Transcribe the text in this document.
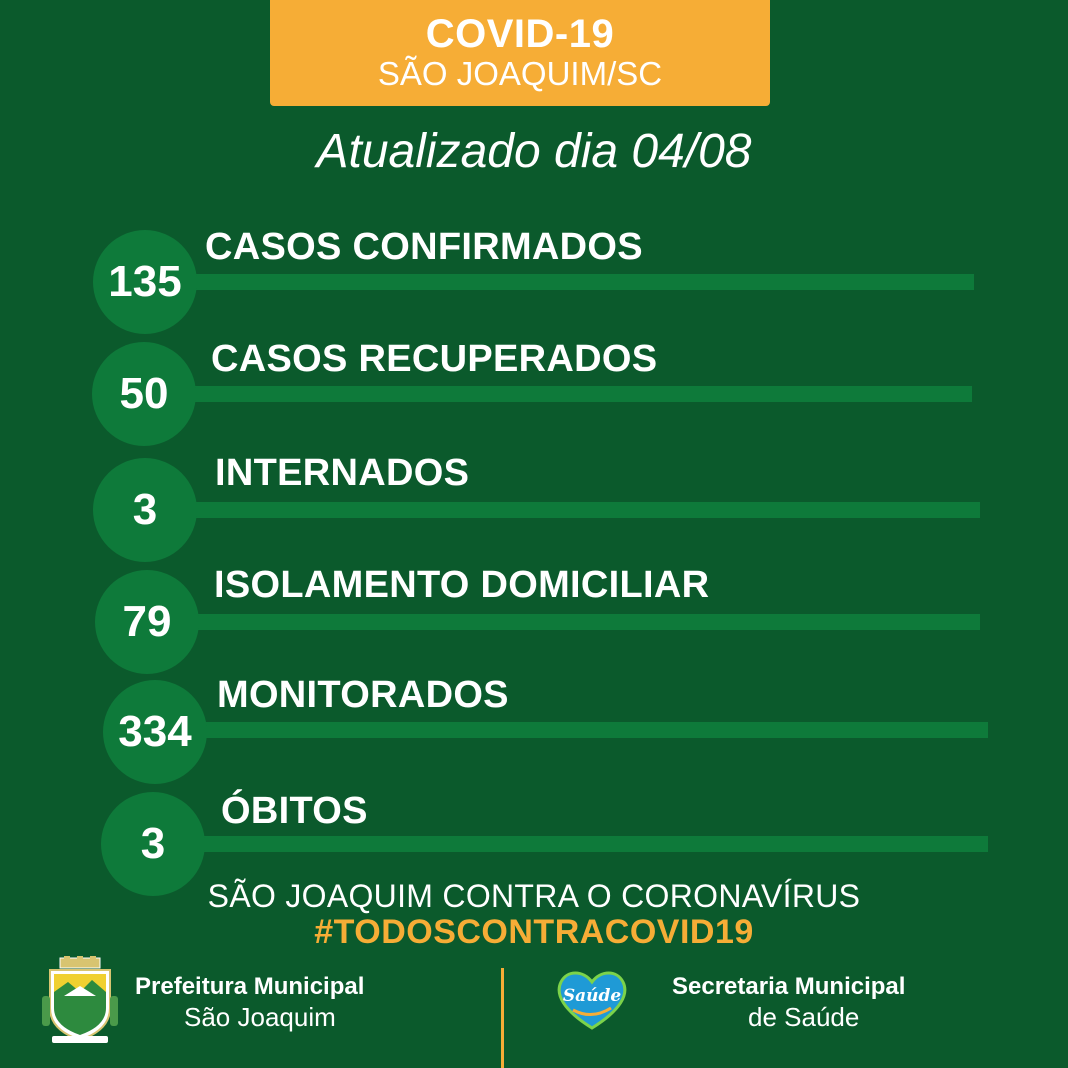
COVID-19
SÃO JOAQUIM/SC
Atualizado dia 04/08
CASOS CONFIRMADOS
135
CASOS RECUPERADOS
50
INTERNADOS
3
ISOLAMENTO DOMICILIAR
79
MONITORADOS
334
ÓBITOS
3
SÃO JOAQUIM CONTRA O CORONAVÍRUS
#TODOSCONTRACOVID19
Prefeitura Municipal
São Joaquim
Saúde	Secretaria Municipal
de Saúde
